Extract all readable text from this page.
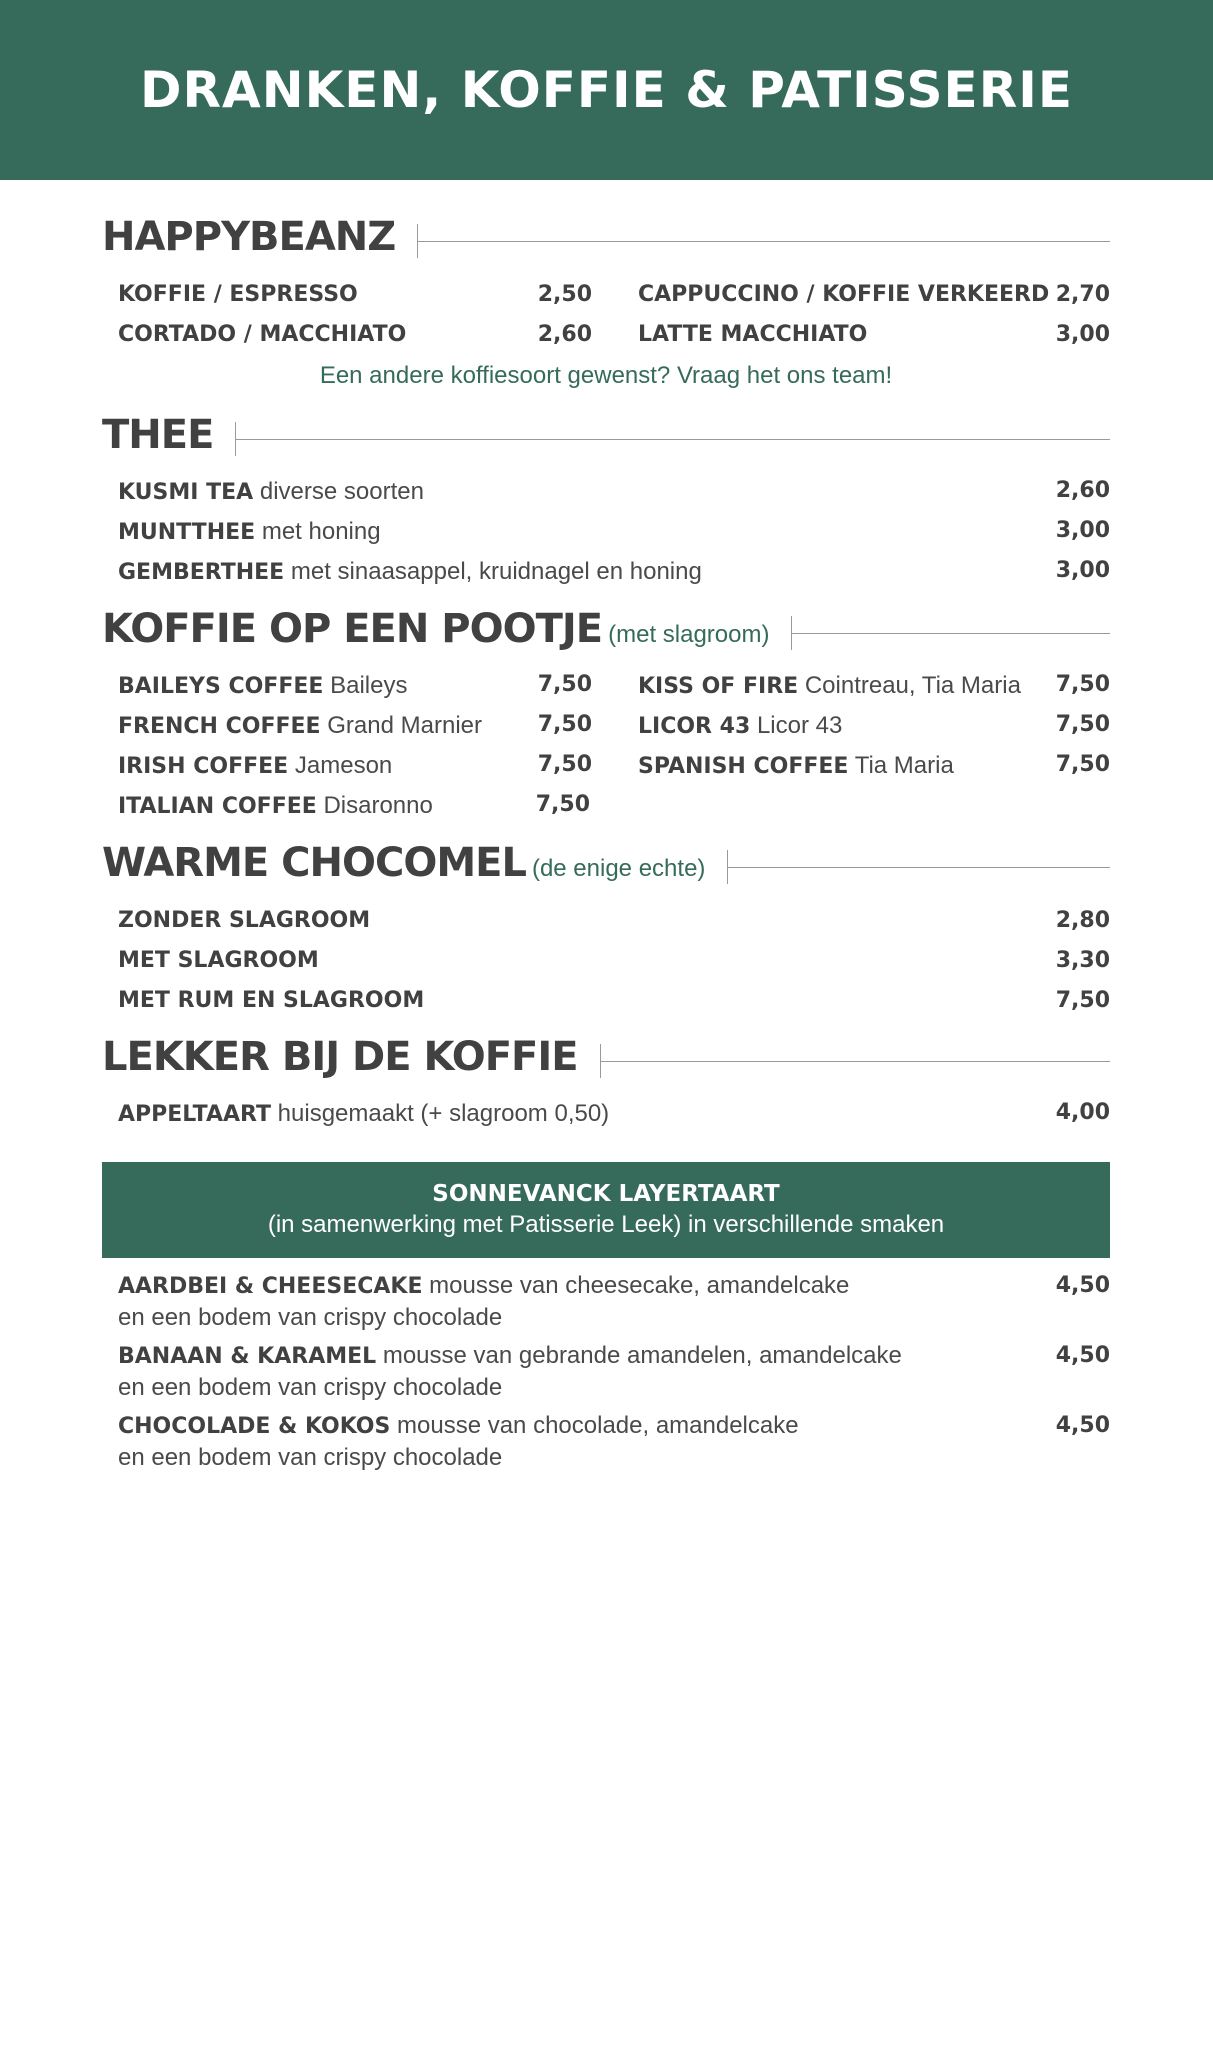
DRANKEN, KOFFIE & PATISSERIE
HAPPYBEANZ
KOFFIE / ESPRESSO	2,50 CAPPUCCINO / KOFFIE VERKEERD 2,70
CORTADO / MACCHIATO	2,60 LATTE MACCHIATO	3,00
Een andere koffiesoort gewenst? Vraag het ons team!
THEE
KUSMI TEA diverse soorten	2,60
MUNTTHEE met honing	3,00
GEMBERTHEE met sinaasappel, kruidnagel en honing	3,00
KOFFIE OP EEN POOTJE (met slagroom)
BAILEYS COFFEE Baileys	7,50 KISS OF FIRE Cointreau, Tia Maria 7,50
FRENCH COFFEE Grand Marnier	7,50 LICOR 43 Licor 43	7,50
IRISH COFFEE Jameson	7,50 SPANISH COFFEE Tia Maria	7,50
ITALIAN COFFEE Disaronno	7,50
WARME CHOCOMEL (de enige echte)
ZONDER SLAGROOM	2,80
MET SLAGROOM	3,30
MET RUM EN SLAGROOM	7,50
LEKKER BIJ DE KOFFIE
APPELTAART huisgemaakt (+ slagroom 0,50)	4,00
SONNEVANCK LAYERTAART
(in samenwerking met Patisserie Leek) in verschillende smaken
AARDBEI & CHEESECAKE mousse van cheesecake, amandelcake
en een bodem van crispy chocolade
4,50
BANAAN & KARAMEL mousse van gebrande amandelen, amandelcake
en een bodem van crispy chocolade
4,50
CHOCOLADE & KOKOS mousse van chocolade, amandelcake
en een bodem van crispy chocolade
4,50
